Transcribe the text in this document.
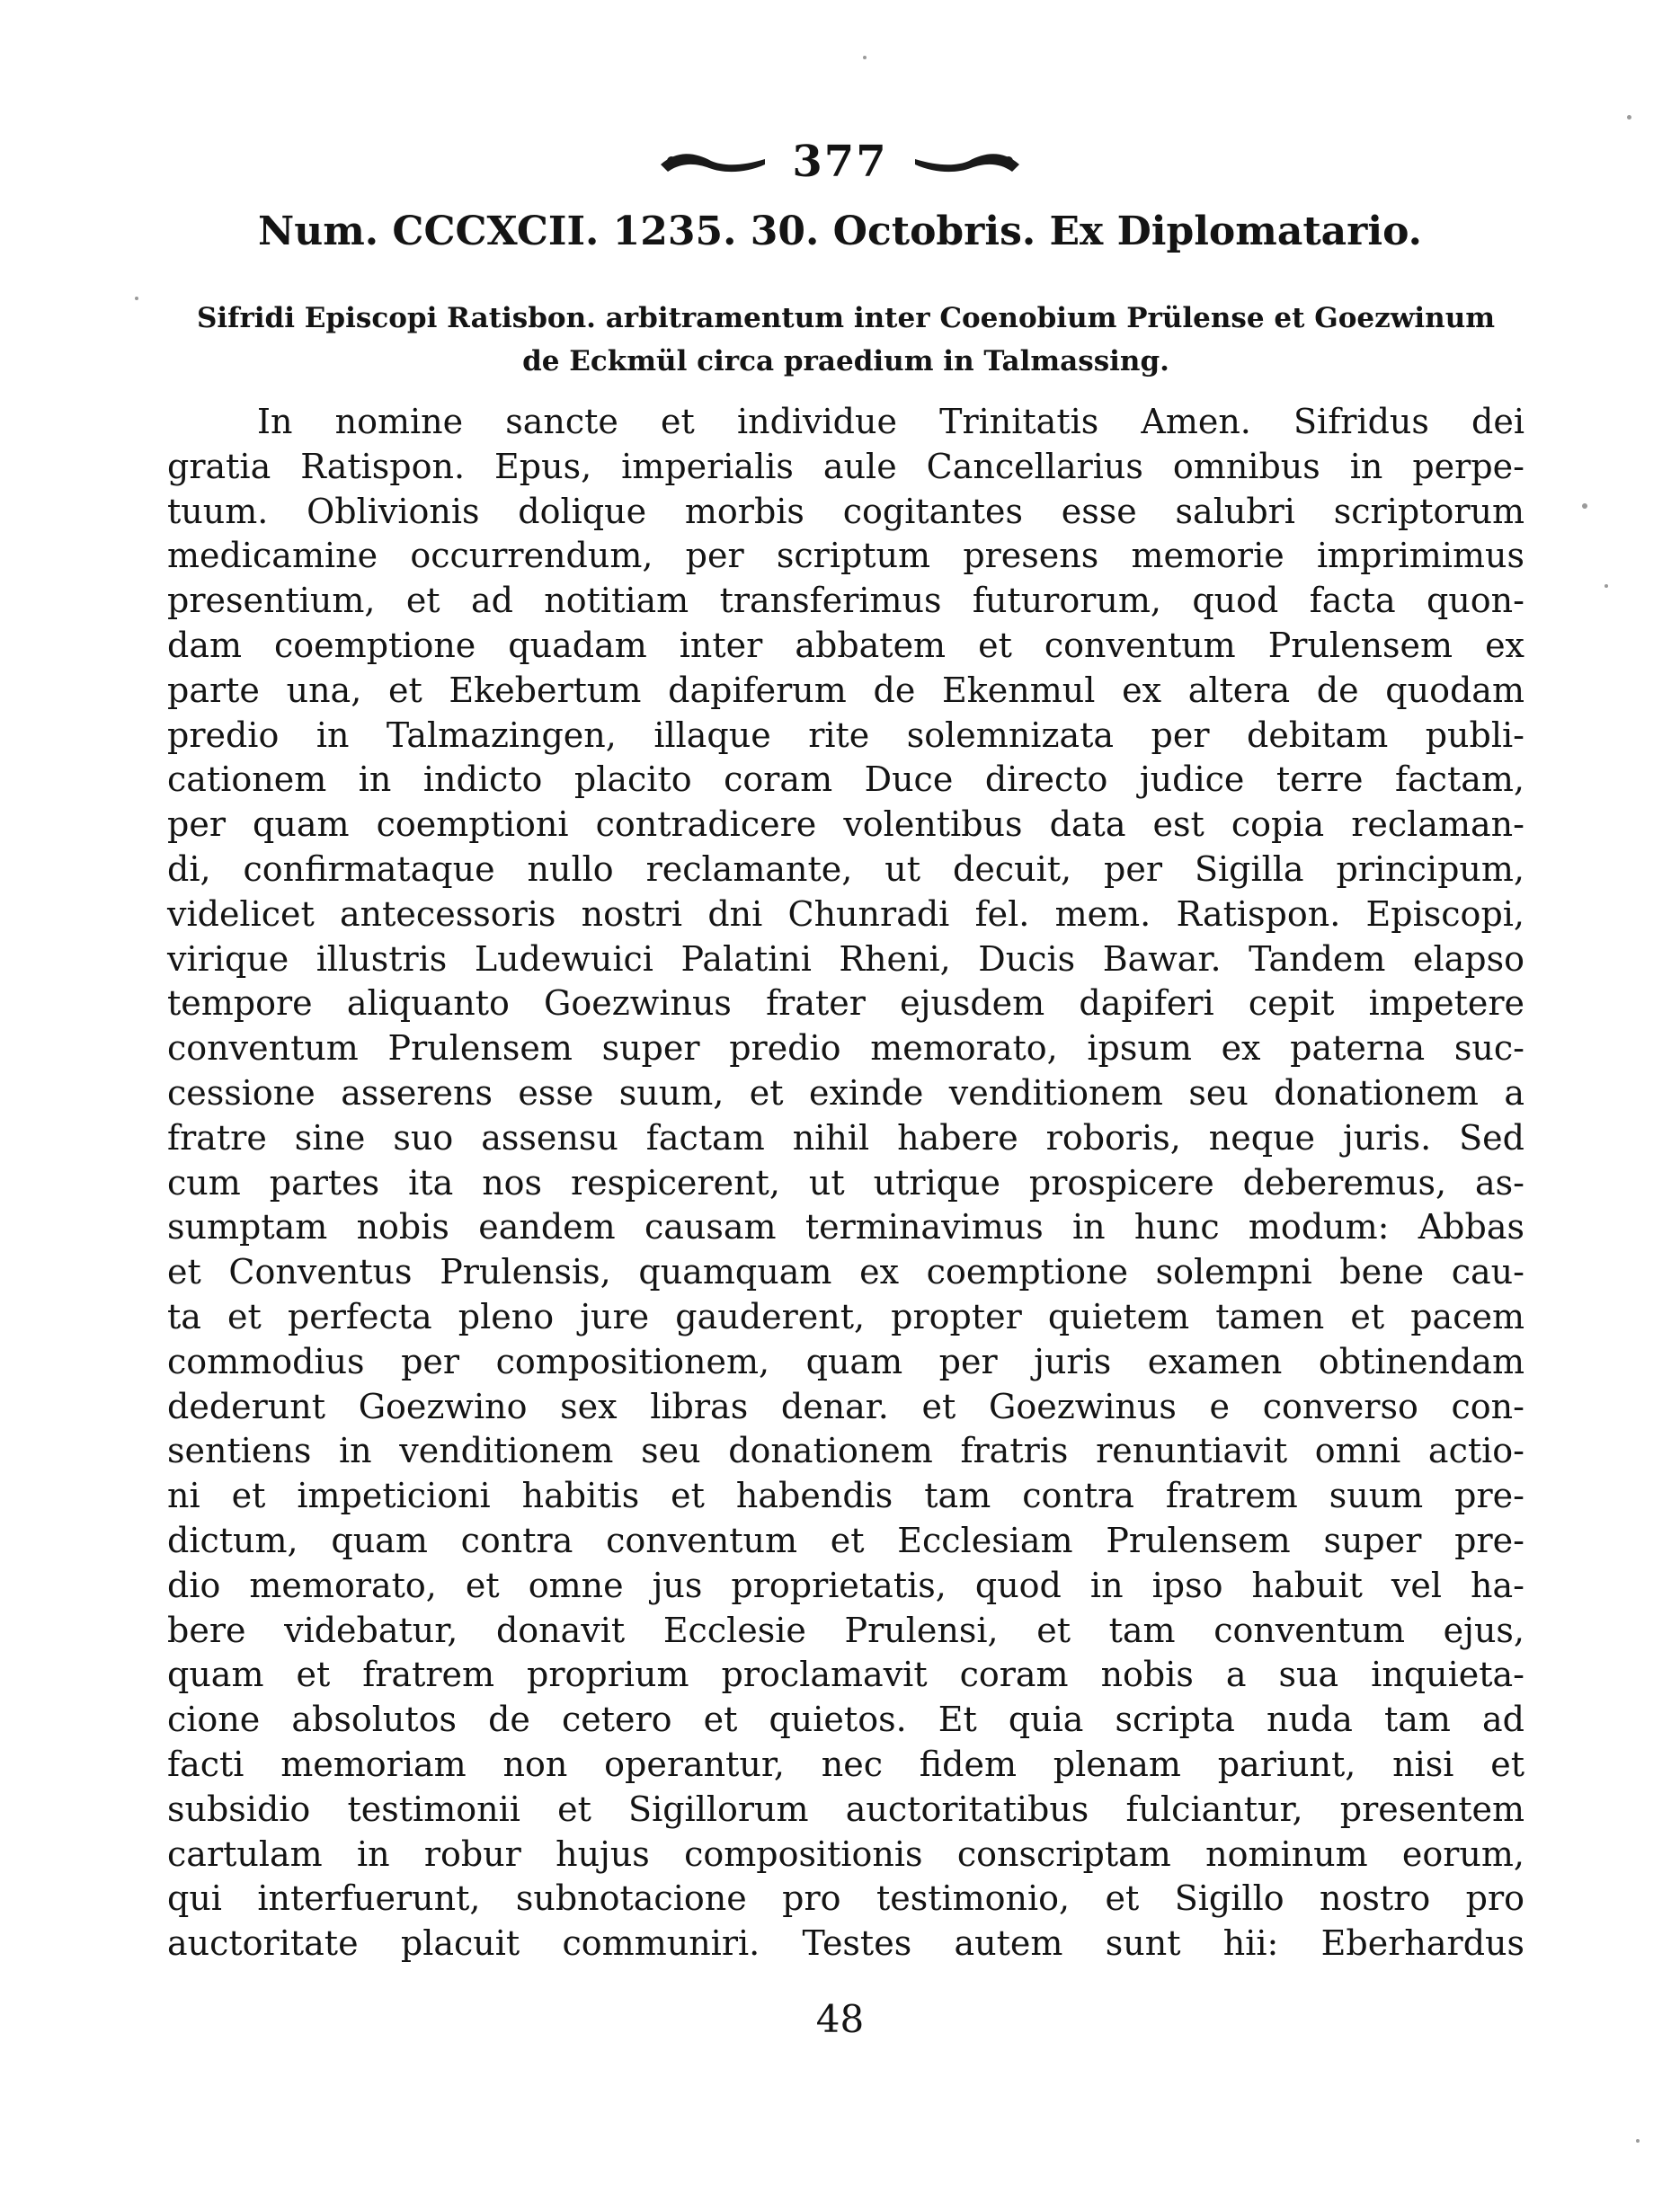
377
Num. CCCXCII. 1235. 30. Octobris. Ex Diplomatario.
Sifridi Episcopi Ratisbon. arbitramentum inter Coenobium Prülense et Goezwinum
de Eckmül circa praedium in Talmassing.
In nomine sancte et individue Trinitatis Amen. Sifridus dei
gratia Ratispon. Epus, imperialis aule Cancellarius omnibus in perpe-
tuum. Oblivionis dolique morbis cogitantes esse salubri scriptorum
medicamine occurrendum, per scriptum presens memorie imprimimus
presentium, et ad notitiam transferimus futurorum, quod facta quon-
dam coemptione quadam inter abbatem et conventum Prulensem ex
parte una, et Ekebertum dapiferum de Ekenmul ex altera de quodam
predio in Talmazingen, illaque rite solemnizata per debitam publi-
cationem in indicto placito coram Duce directo judice terre factam,
per quam coemptioni contradicere volentibus data est copia reclaman-
di, confirmataque nullo reclamante, ut decuit, per Sigilla principum,
videlicet antecessoris nostri dni Chunradi fel. mem. Ratispon. Episcopi,
virique illustris Ludewuici Palatini Rheni, Ducis Bawar. Tandem elapso
tempore aliquanto Goezwinus frater ejusdem dapiferi cepit impetere
conventum Prulensem super predio memorato, ipsum ex paterna suc-
cessione asserens esse suum, et exinde venditionem seu donationem a
fratre sine suo assensu factam nihil habere roboris, neque juris. Sed
cum partes ita nos respicerent, ut utrique prospicere deberemus, as-
sumptam nobis eandem causam terminavimus in hunc modum: Abbas
et Conventus Prulensis, quamquam ex coemptione solempni bene cau-
ta et perfecta pleno jure gauderent, propter quietem tamen et pacem
commodius per compositionem, quam per juris examen obtinendam
dederunt Goezwino sex libras denar. et Goezwinus e converso con-
sentiens in venditionem seu donationem fratris renuntiavit omni actio-
ni et impeticioni habitis et habendis tam contra fratrem suum pre-
dictum, quam contra conventum et Ecclesiam Prulensem super pre-
dio memorato, et omne jus proprietatis, quod in ipso habuit vel ha-
bere videbatur, donavit Ecclesie Prulensi, et tam conventum ejus,
quam et fratrem proprium proclamavit coram nobis a sua inquieta-
cione absolutos de cetero et quietos. Et quia scripta nuda tam ad
facti memoriam non operantur, nec fidem plenam pariunt, nisi et
subsidio testimonii et Sigillorum auctoritatibus fulciantur, presentem
cartulam in robur hujus compositionis conscriptam nominum eorum,
qui interfuerunt, subnotacione pro testimonio, et Sigillo nostro pro
auctoritate placuit communiri. Testes autem sunt hii: Eberhardus
48
